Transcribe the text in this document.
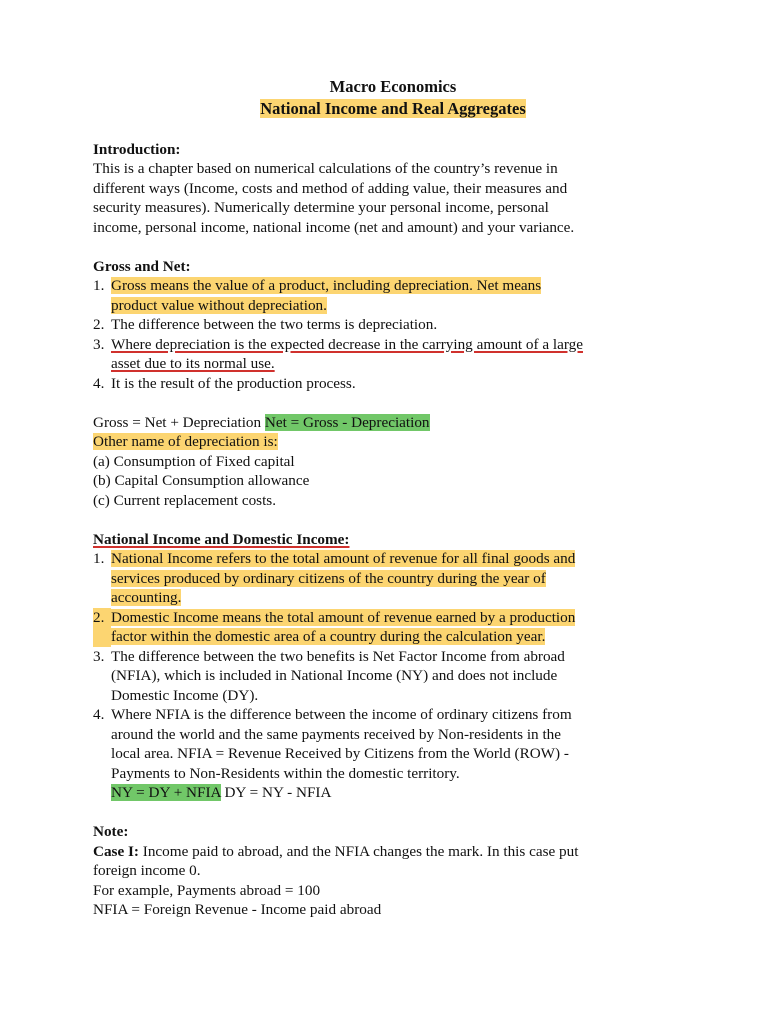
Macro Economics
National Income and Real Aggregates
Introduction:
This is a chapter based on numerical calculations of the country’s revenue in
different ways (Income, costs and method of adding value, their measures and
security measures). Numerically determine your personal income, personal
income, personal income, national income (net and amount) and your variance.
Gross and Net:
1. Gross means the value of a product, including depreciation. Net means
product value without depreciation.
2. The difference between the two terms is depreciation.
3. Where depreciation is the expected decrease in the carrying amount of a large
asset due to its normal use.
4. It is the result of the production process.
Gross = Net + Depreciation Net = Gross - Depreciation
Other name of depreciation is:
(a) Consumption of Fixed capital
(b) Capital Consumption allowance
(c) Current replacement costs.
National Income and Domestic Income:
1. National Income refers to the total amount of revenue for all final goods and
services produced by ordinary citizens of the country during the year of
accounting.
2. Domestic Income means the total amount of revenue earned by a production
factor within the domestic area of a country during the calculation year.
3. The difference between the two benefits is Net Factor Income from abroad
(NFIA), which is included in National Income (NY) and does not include
Domestic Income (DY).
4. Where NFIA is the difference between the income of ordinary citizens from
around the world and the same payments received by Non-residents in the
local area. NFIA = Revenue Received by Citizens from the World (ROW) -
Payments to Non-Residents within the domestic territory.
NY = DY + NFIA DY = NY - NFIA
Note:
Case I: Income paid to abroad, and the NFIA changes the mark. In this case put
foreign income 0.
For example, Payments abroad = 100
NFIA = Foreign Revenue - Income paid abroad
